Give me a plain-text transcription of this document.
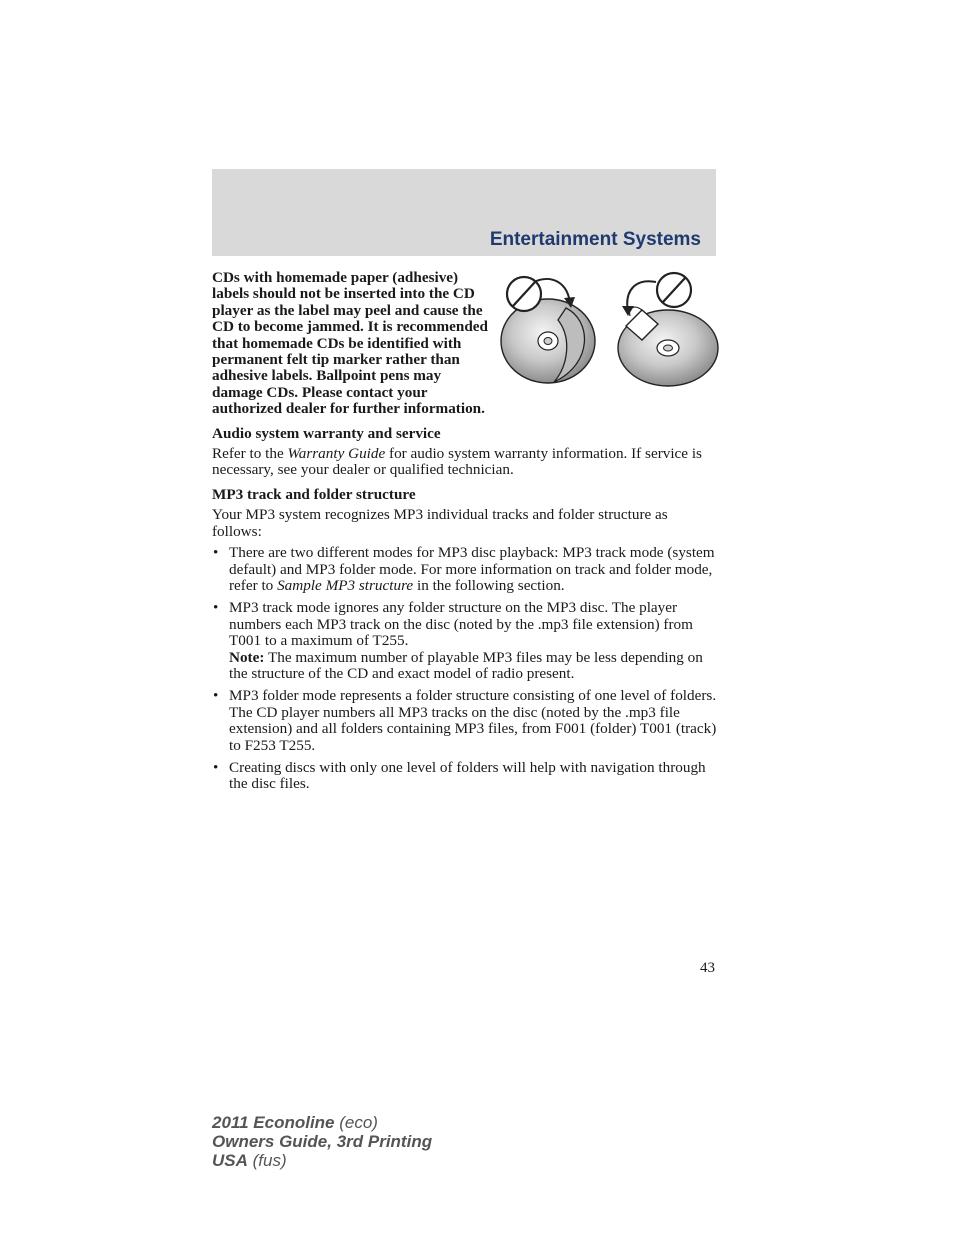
Entertainment Systems
CDs with homemade paper (adhesive) labels should not be inserted into the CD player as the label may peel and cause the CD to become jammed. It is recommended that homemade CDs be identified with permanent felt tip marker rather than adhesive labels. Ballpoint pens may damage CDs. Please contact your authorized dealer for further information.
Audio system warranty and service

Refer to the Warranty Guide for audio system warranty information. If service is necessary, see your dealer or qualified technician.

MP3 track and folder structure

Your MP3 system recognizes MP3 individual tracks and folder structure as follows:

• There are two different modes for MP3 disc playback: MP3 track mode (system default) and MP3 folder mode. For more information on track and folder mode, refer to Sample MP3 structure in the following section.
• MP3 track mode ignores any folder structure on the MP3 disc. The player numbers each MP3 track on the disc (noted by the .mp3 file extension) from T001 to a maximum of T255.
Note: The maximum number of playable MP3 files may be less depending on the structure of the CD and exact model of radio present.
• MP3 folder mode represents a folder structure consisting of one level of folders. The CD player numbers all MP3 tracks on the disc (noted by the .mp3 file extension) and all folders containing MP3 files, from F001 (folder) T001 (track) to F253 T255.
• Creating discs with only one level of folders will help with navigation through the disc files.
43
2011 Econoline (eco)
Owners Guide, 3rd Printing
USA (fus)
